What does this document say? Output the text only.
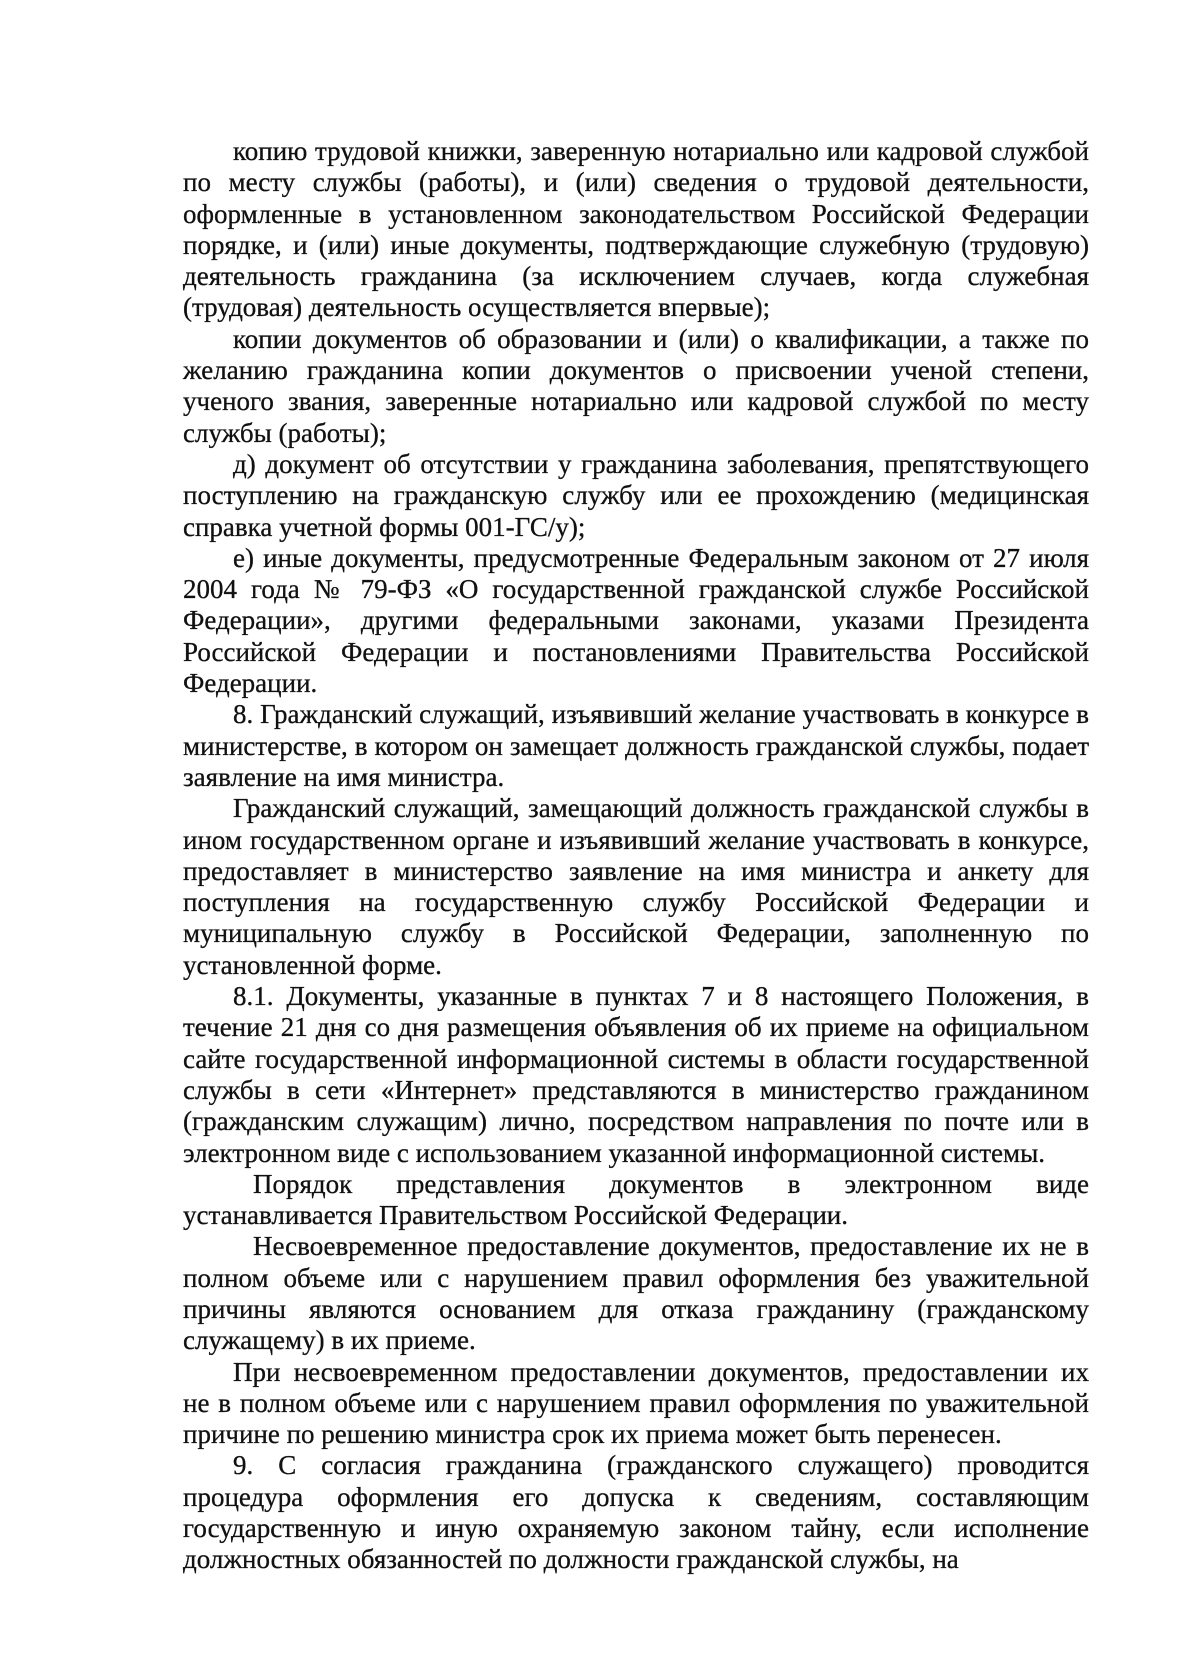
копию трудовой книжки, заверенную нотариально или кадровой службой по месту службы (работы), и (или) сведения о трудовой деятельности, оформленные в установленном законодательством Российской Федерации порядке, и (или) иные документы, подтверждающие служебную (трудовую) деятельность гражданина (за исключением случаев, когда служебная (трудовая) деятельность осуществляется впервые);

копии документов об образовании и (или) о квалификации, а также по желанию гражданина копии документов о присвоении ученой степени, ученого звания, заверенные нотариально или кадровой службой по месту службы (работы);

д) документ об отсутствии у гражданина заболевания, препятствующего поступлению на гражданскую службу или ее прохождению (медицинская справка учетной формы 001-ГС/у);

е) иные документы, предусмотренные Федеральным законом от 27 июля 2004 года № 79-ФЗ «О государственной гражданской службе Российской Федерации», другими федеральными законами, указами Президента Российской Федерации и постановлениями Правительства Российской Федерации.

8. Гражданский служащий, изъявивший желание участвовать в конкурсе в министерстве, в котором он замещает должность гражданской службы, подает заявление на имя министра.

Гражданский служащий, замещающий должность гражданской службы в ином государственном органе и изъявивший желание участвовать в конкурсе, предоставляет в министерство заявление на имя министра и анкету для поступления на государственную службу Российской Федерации и муниципальную службу в Российской Федерации, заполненную по установленной форме.

8.1. Документы, указанные в пунктах 7 и 8 настоящего Положения, в течение 21 дня со дня размещения объявления об их приеме на официальном сайте государственной информационной системы в области государственной службы в сети «Интернет» представляются в министерство гражданином (гражданским служащим) лично, посредством направления по почте или в электронном виде с использованием указанной информационной системы.

Порядок представления документов в электронном виде устанавливается Правительством Российской Федерации.

Несвоевременное предоставление документов, предоставление их не в полном объеме или с нарушением правил оформления без уважительной причины являются основанием для отказа гражданину (гражданскому служащему) в их приеме.

При несвоевременном предоставлении документов, предоставлении их не в полном объеме или с нарушением правил оформления по уважительной причине по решению министра срок их приема может быть перенесен.

9. С согласия гражданина (гражданского служащего) проводится процедура оформления его допуска к сведениям, составляющим государственную и иную охраняемую законом тайну, если исполнение должностных обязанностей по должности гражданской службы, на
